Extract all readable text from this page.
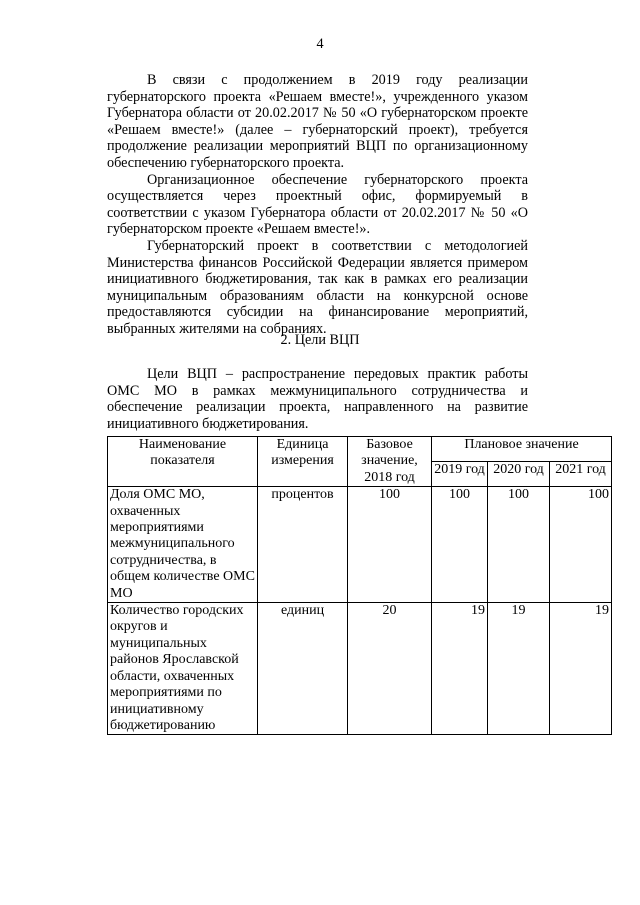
4

В связи с продолжением в 2019 году реализации губернаторского проекта «Решаем вместе!», учрежденного указом Губернатора области от 20.02.2017 № 50 «О губернаторском проекте «Решаем вместе!» (далее – губернаторский проект), требуется продолжение реализации мероприятий ВЦП по организационному обеспечению губернаторского проекта.

Организационное обеспечение губернаторского проекта осуществляется через проектный офис, формируемый в соответствии с указом Губернатора области от 20.02.2017 № 50 «О губернаторском проекте «Решаем вместе!».

Губернаторский проект в соответствии с методологией Министерства финансов Российской Федерации является примером инициативного бюджетирования, так как в рамках его реализации муниципальным образованиям области на конкурсной основе предоставляются субсидии на финансирование мероприятий, выбранных жителями на собраниях.

2. Цели ВЦП

Цели ВЦП – распространение передовых практик работы ОМС МО в рамках межмуниципального сотрудничества и обеспечение реализации проекта, направленного на развитие инициативного бюджетирования.

Наименование показателя	Единица измерения	Базовое значение, 2018 год	Плановое значение		
			2019 год	2020 год	2021 год
Доля ОМС МО, охваченных мероприятиями межмуниципального сотрудничества, в общем количестве ОМС МО	процентов	100	100	100	100
Количество городских округов и муниципальных районов Ярославской области, охваченных мероприятиями по инициативному бюджетированию	единиц	20	19	19	19
